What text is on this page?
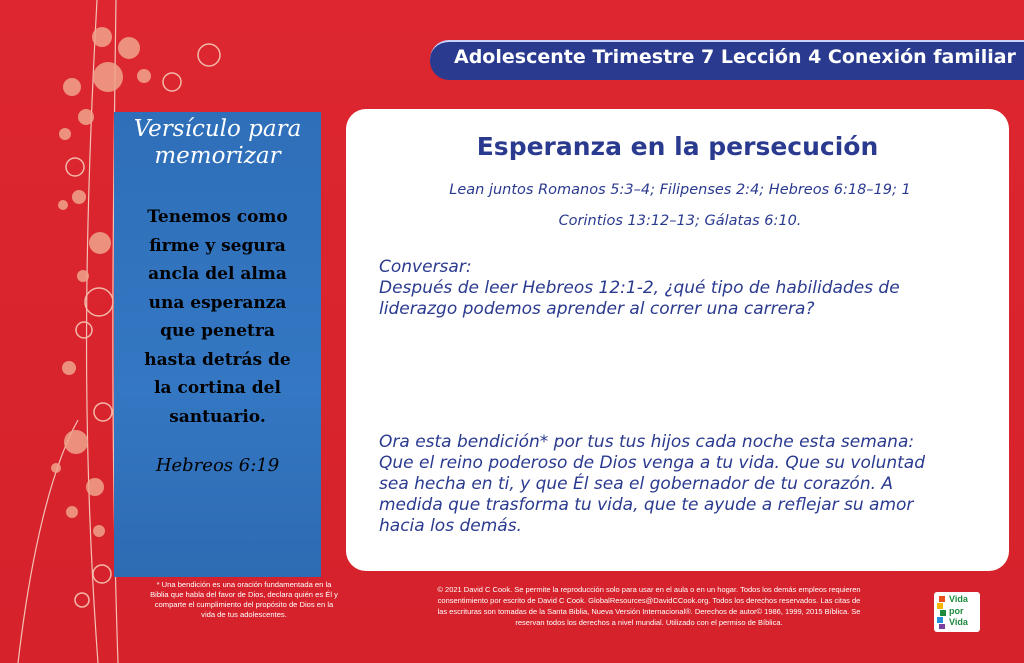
Adolescente Trimestre 7 Lección 4 Conexión familiar
Versículo para
memorizar
Tenemos como
firme y segura
ancla del alma
una esperanza
que penetra
hasta detrás de
la cortina del
santuario.
Hebreos 6:19
* Una bendición es una oración fundamentada en la
Biblia que habla del favor de Dios, declara quién es Él y
comparte el cumplimiento del propósito de Dios en la
vida de tus adolescentes.
Esperanza en la persecución
Lean juntos Romanos 5:3–4; Filipenses 2:4; Hebreos 6:18–19; 1
Corintios 13:12–13; Gálatas 6:10.
Conversar:
Después de leer Hebreos 12:1-2, ¿qué tipo de habilidades de
liderazgo podemos aprender al correr una carrera?
Ora esta bendición* por tus tus hijos cada noche esta semana:
Que el reino poderoso de Dios venga a tu vida. Que su voluntad
sea hecha en ti, y que Él sea el gobernador de tu corazón. A
medida que trasforma tu vida, que te ayude a reflejar su amor
hacia los demás.
© 2021 David C Cook. Se permite la reproducción solo para usar en el aula o en un hogar. Todos los demás empleos requieren
consentimiento por escrito de David C Cook. GlobalResources@DavidCCook.org. Todos los derechos reservados. Las citas de
las escrituras son tomadas de la Santa Biblia, Nueva Versión Internacional®. Derechos de autor© 1986, 1999, 2015 Bíblica. Se
reservan todos los derechos a nivel mundial. Utilizado con el permiso de Bíblica.
Vida
por
Vida
